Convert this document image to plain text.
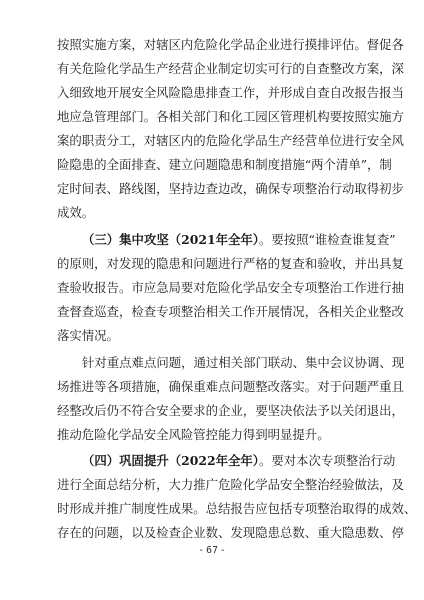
按照实施方案，对辖区内危险化学品企业进行摸排评估。督促各
有关危险化学品生产经营企业制定切实可行的自查整改方案，深
入细致地开展安全风险隐患排查工作，并形成自查自改报告报当
地应急管理部门。各相关部门和化工园区管理机构要按照实施方
案的职责分工，对辖区内的危险化学品生产经营单位进行安全风
险隐患的全面排查、建立问题隐患和制度措施“两个清单”，制
定时间表、路线图，坚持边查边改，确保专项整治行动取得初步
成效。
（三）集中攻坚（2021年全年）。要按照“谁检查谁复查”
的原则，对发现的隐患和问题进行严格的复查和验收，并出具复
查验收报告。市应急局要对危险化学品安全专项整治工作进行抽
查督查巡查，检查专项整治相关工作开展情况，各相关企业整改
落实情况。
针对重点难点问题，通过相关部门联动、集中会议协调、现
场推进等各项措施，确保重难点问题整改落实。对于问题严重且
经整改后仍不符合安全要求的企业，要坚决依法予以关闭退出，
推动危险化学品安全风险管控能力得到明显提升。
（四）巩固提升（2022年全年）。要对本次专项整治行动
进行全面总结分析，大力推广危险化学品安全整治经验做法，及
时形成并推广制度性成果。总结报告应包括专项整治取得的成效、
存在的问题，以及检查企业数、发现隐患总数、重大隐患数、停
- 67 -
